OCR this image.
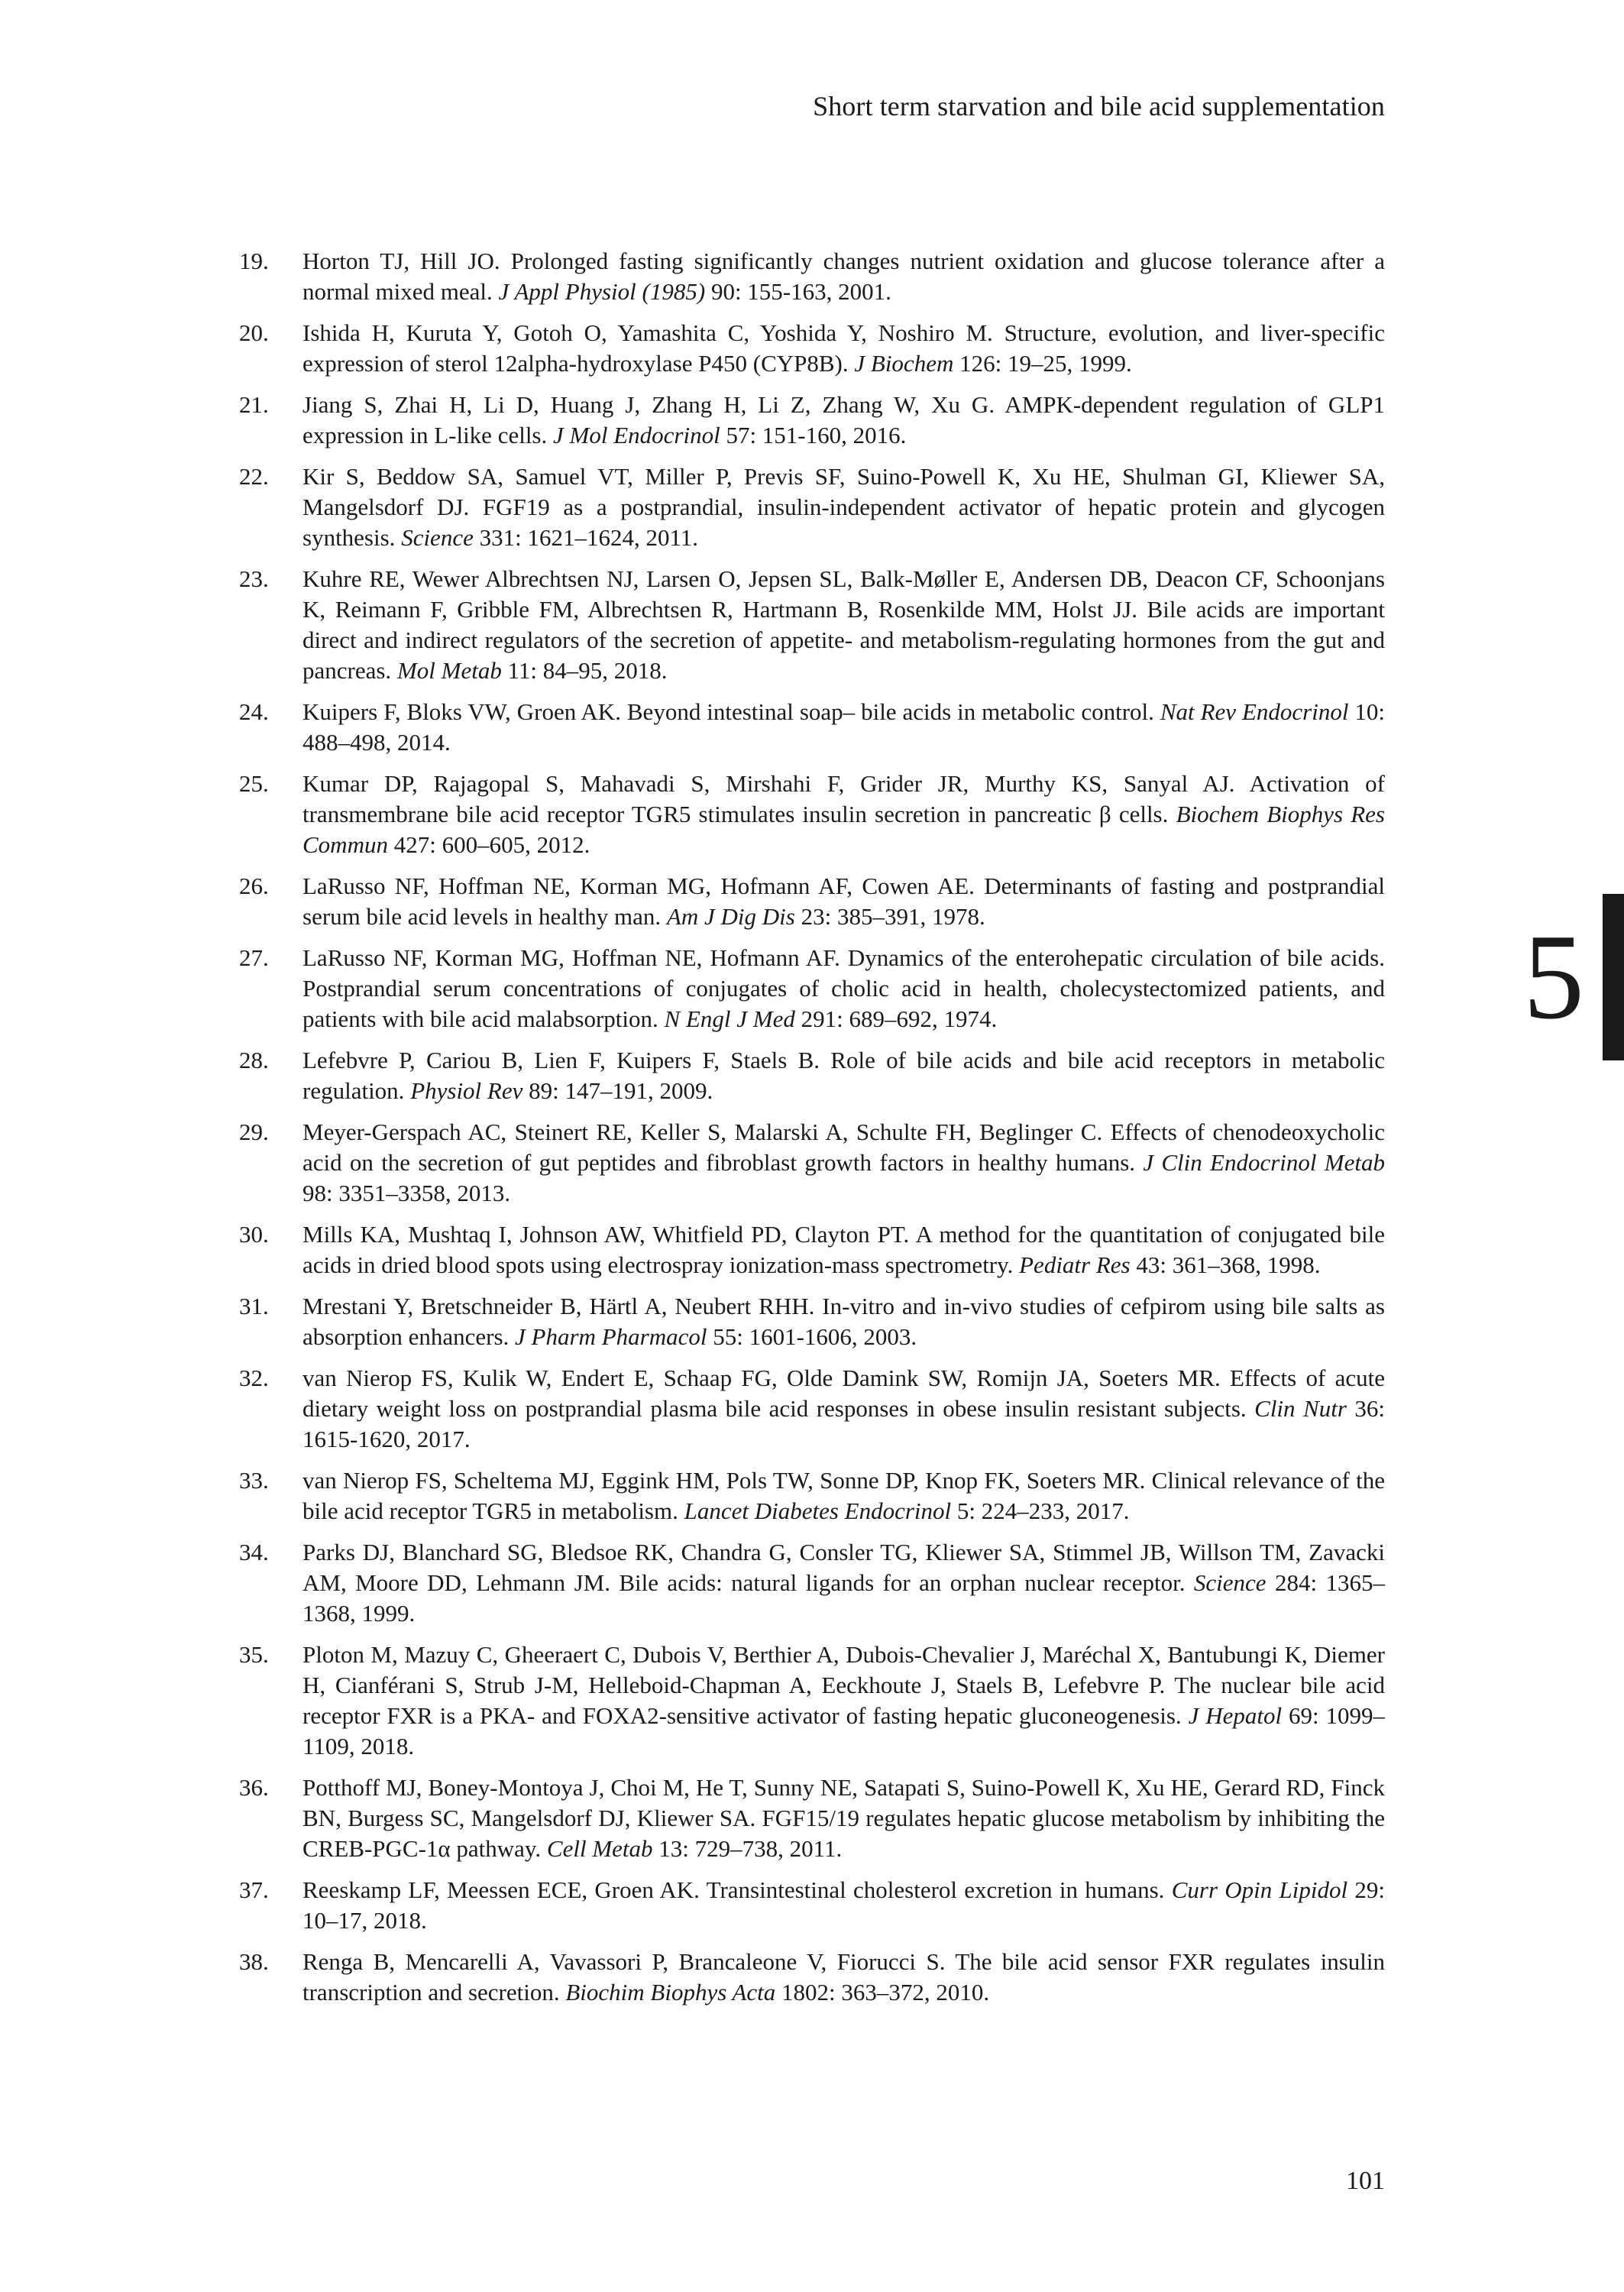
Short term starvation and bile acid supplementation
19.	Horton TJ, Hill JO. Prolonged fasting significantly changes nutrient oxidation and glucose tolerance after a normal mixed meal. J Appl Physiol (1985) 90: 155-163, 2001.
20.	Ishida H, Kuruta Y, Gotoh O, Yamashita C, Yoshida Y, Noshiro M. Structure, evolution, and liver-specific expression of sterol 12alpha-hydroxylase P450 (CYP8B). J Biochem 126: 19–25, 1999.
21.	Jiang S, Zhai H, Li D, Huang J, Zhang H, Li Z, Zhang W, Xu G. AMPK-dependent regulation of GLP1 expression in L-like cells. J Mol Endocrinol 57: 151-160, 2016.
22.	Kir S, Beddow SA, Samuel VT, Miller P, Previs SF, Suino-Powell K, Xu HE, Shulman GI, Kliewer SA, Mangelsdorf DJ. FGF19 as a postprandial, insulin-independent activator of hepatic protein and glycogen synthesis. Science 331: 1621–1624, 2011.
23.	Kuhre RE, Wewer Albrechtsen NJ, Larsen O, Jepsen SL, Balk-Møller E, Andersen DB, Deacon CF, Schoonjans K, Reimann F, Gribble FM, Albrechtsen R, Hartmann B, Rosenkilde MM, Holst JJ. Bile acids are important direct and indirect regulators of the secretion of appetite- and metabolism-regulating hormones from the gut and pancreas. Mol Metab 11: 84–95, 2018.
24.	Kuipers F, Bloks VW, Groen AK. Beyond intestinal soap– bile acids in metabolic control. Nat Rev Endocrinol 10: 488–498, 2014.
25.	Kumar DP, Rajagopal S, Mahavadi S, Mirshahi F, Grider JR, Murthy KS, Sanyal AJ. Activation of transmembrane bile acid receptor TGR5 stimulates insulin secretion in pancreatic β cells. Biochem Biophys Res Commun 427: 600–605, 2012.
26.	LaRusso NF, Hoffman NE, Korman MG, Hofmann AF, Cowen AE. Determinants of fasting and postprandial serum bile acid levels in healthy man. Am J Dig Dis 23: 385–391, 1978.
27.	LaRusso NF, Korman MG, Hoffman NE, Hofmann AF. Dynamics of the enterohepatic circulation of bile acids. Postprandial serum concentrations of conjugates of cholic acid in health, cholecystectomized patients, and patients with bile acid malabsorption. N Engl J Med 291: 689–692, 1974.
28.	Lefebvre P, Cariou B, Lien F, Kuipers F, Staels B. Role of bile acids and bile acid receptors in metabolic regulation. Physiol Rev 89: 147–191, 2009.
29.	Meyer-Gerspach AC, Steinert RE, Keller S, Malarski A, Schulte FH, Beglinger C. Effects of chenodeoxycholic acid on the secretion of gut peptides and fibroblast growth factors in healthy humans. J Clin Endocrinol Metab 98: 3351–3358, 2013.
30.	Mills KA, Mushtaq I, Johnson AW, Whitfield PD, Clayton PT. A method for the quantitation of conjugated bile acids in dried blood spots using electrospray ionization-mass spectrometry. Pediatr Res 43: 361–368, 1998.
31.	Mrestani Y, Bretschneider B, Härtl A, Neubert RHH. In-vitro and in-vivo studies of cefpirom using bile salts as absorption enhancers. J Pharm Pharmacol 55: 1601-1606, 2003.
32.	van Nierop FS, Kulik W, Endert E, Schaap FG, Olde Damink SW, Romijn JA, Soeters MR. Effects of acute dietary weight loss on postprandial plasma bile acid responses in obese insulin resistant subjects. Clin Nutr 36: 1615-1620, 2017.
33.	van Nierop FS, Scheltema MJ, Eggink HM, Pols TW, Sonne DP, Knop FK, Soeters MR. Clinical relevance of the bile acid receptor TGR5 in metabolism. Lancet Diabetes Endocrinol 5: 224–233, 2017.
34.	Parks DJ, Blanchard SG, Bledsoe RK, Chandra G, Consler TG, Kliewer SA, Stimmel JB, Willson TM, Zavacki AM, Moore DD, Lehmann JM. Bile acids: natural ligands for an orphan nuclear receptor. Science 284: 1365–1368, 1999.
35.	Ploton M, Mazuy C, Gheeraert C, Dubois V, Berthier A, Dubois-Chevalier J, Maréchal X, Bantubungi K, Diemer H, Cianférani S, Strub J-M, Helleboid-Chapman A, Eeckhoute J, Staels B, Lefebvre P. The nuclear bile acid receptor FXR is a PKA- and FOXA2-sensitive activator of fasting hepatic gluconeogenesis. J Hepatol 69: 1099–1109, 2018.
36.	Potthoff MJ, Boney-Montoya J, Choi M, He T, Sunny NE, Satapati S, Suino-Powell K, Xu HE, Gerard RD, Finck BN, Burgess SC, Mangelsdorf DJ, Kliewer SA. FGF15/19 regulates hepatic glucose metabolism by inhibiting the CREB-PGC-1α pathway. Cell Metab 13: 729–738, 2011.
37.	Reeskamp LF, Meessen ECE, Groen AK. Transintestinal cholesterol excretion in humans. Curr Opin Lipidol 29: 10–17, 2018.
38.	Renga B, Mencarelli A, Vavassori P, Brancaleone V, Fiorucci S. The bile acid sensor FXR regulates insulin transcription and secretion. Biochim Biophys Acta 1802: 363–372, 2010.
5
101
